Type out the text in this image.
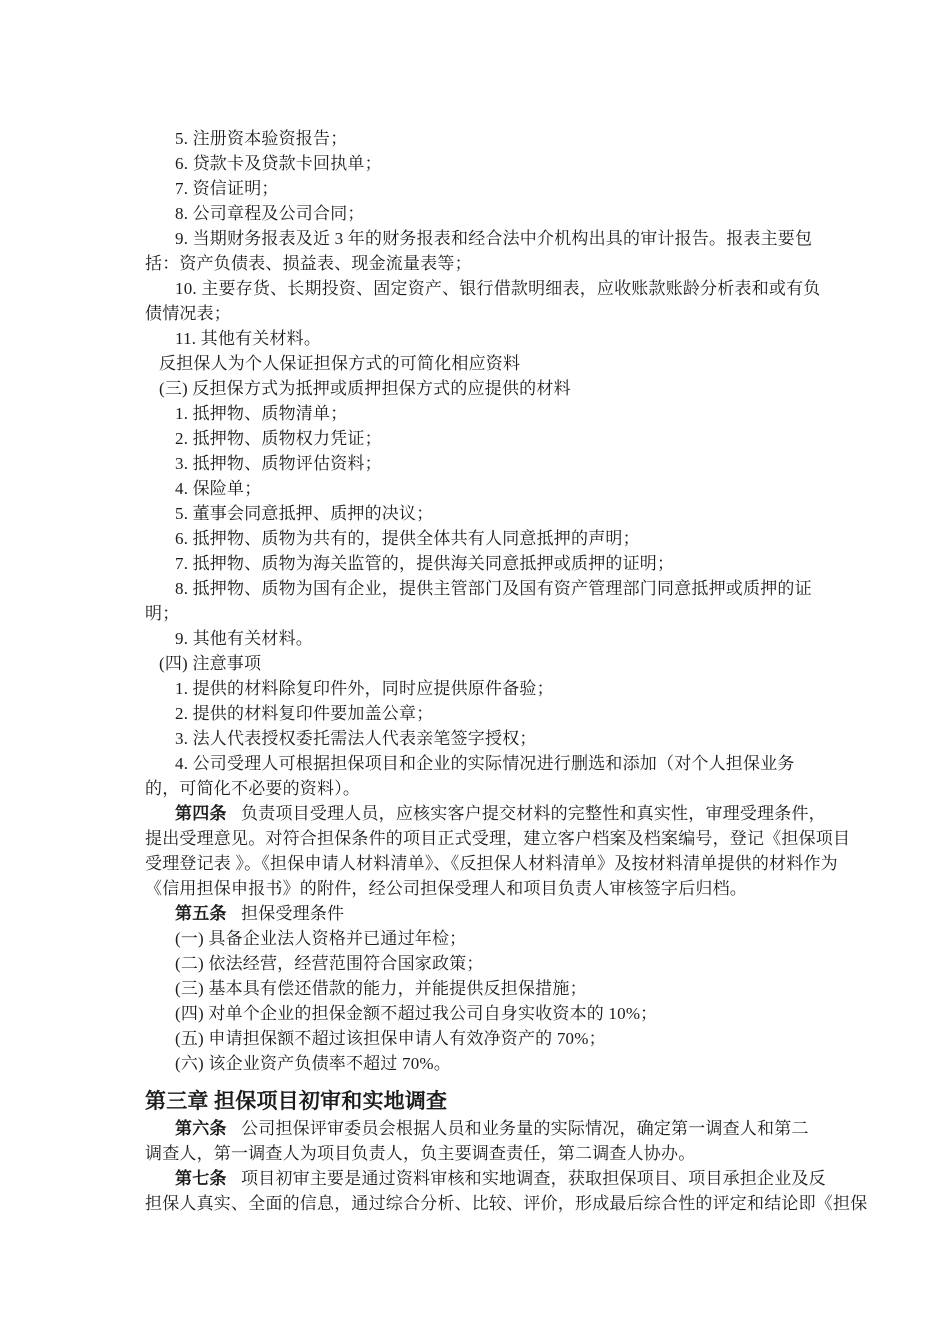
5. 注册资本验资报告；
6. 贷款卡及贷款卡回执单；
7. 资信证明；
8. 公司章程及公司合同；
9. 当期财务报表及近 3 年的财务报表和经合法中介机构出具的审计报告。报表主要包
括：资产负债表、损益表、现金流量表等；
10. 主要存货、长期投资、固定资产、银行借款明细表，应收账款账龄分析表和或有负
债情况表；
11. 其他有关材料。
反担保人为个人保证担保方式的可简化相应资料
(三) 反担保方式为抵押或质押担保方式的应提供的材料
1. 抵押物、质物清单；
2. 抵押物、质物权力凭证；
3. 抵押物、质物评估资料；
4. 保险单；
5. 董事会同意抵押、质押的决议；
6. 抵押物、质物为共有的，提供全体共有人同意抵押的声明；
7. 抵押物、质物为海关监管的，提供海关同意抵押或质押的证明；
8. 抵押物、质物为国有企业，提供主管部门及国有资产管理部门同意抵押或质押的证
明；
9. 其他有关材料。
(四) 注意事项
1. 提供的材料除复印件外，同时应提供原件备验；
2. 提供的材料复印件要加盖公章；
3. 法人代表授权委托需法人代表亲笔签字授权；
4. 公司受理人可根据担保项目和企业的实际情况进行删选和添加（对个人担保业务
的，可简化不必要的资料）。
第四条 负责项目受理人员，应核实客户提交材料的完整性和真实性，审理受理条件，
提出受理意见。对符合担保条件的项目正式受理，建立客户档案及档案编号，登记《担保项目
受理登记表 》。《担保申请人材料清单》、《反担保人材料清单》及按材料清单提供的材料作为
《信用担保申报书》的附件，经公司担保受理人和项目负责人审核签字后归档。
第五条 担保受理条件
(一) 具备企业法人资格并已通过年检；
(二) 依法经营，经营范围符合国家政策；
(三) 基本具有偿还借款的能力，并能提供反担保措施；
(四) 对单个企业的担保金额不超过我公司自身实收资本的 10%；
(五) 申请担保额不超过该担保申请人有效净资产的 70%；
(六) 该企业资产负债率不超过 70%。
第三章 担保项目初审和实地调查
第六条 公司担保评审委员会根据人员和业务量的实际情况，确定第一调查人和第二
调查人，第一调查人为项目负责人，负主要调查责任，第二调查人协办。
第七条 项目初审主要是通过资料审核和实地调查，获取担保项目、项目承担企业及反
担保人真实、全面的信息，通过综合分析、比较、评价，形成最后综合性的评定和结论即《担保
